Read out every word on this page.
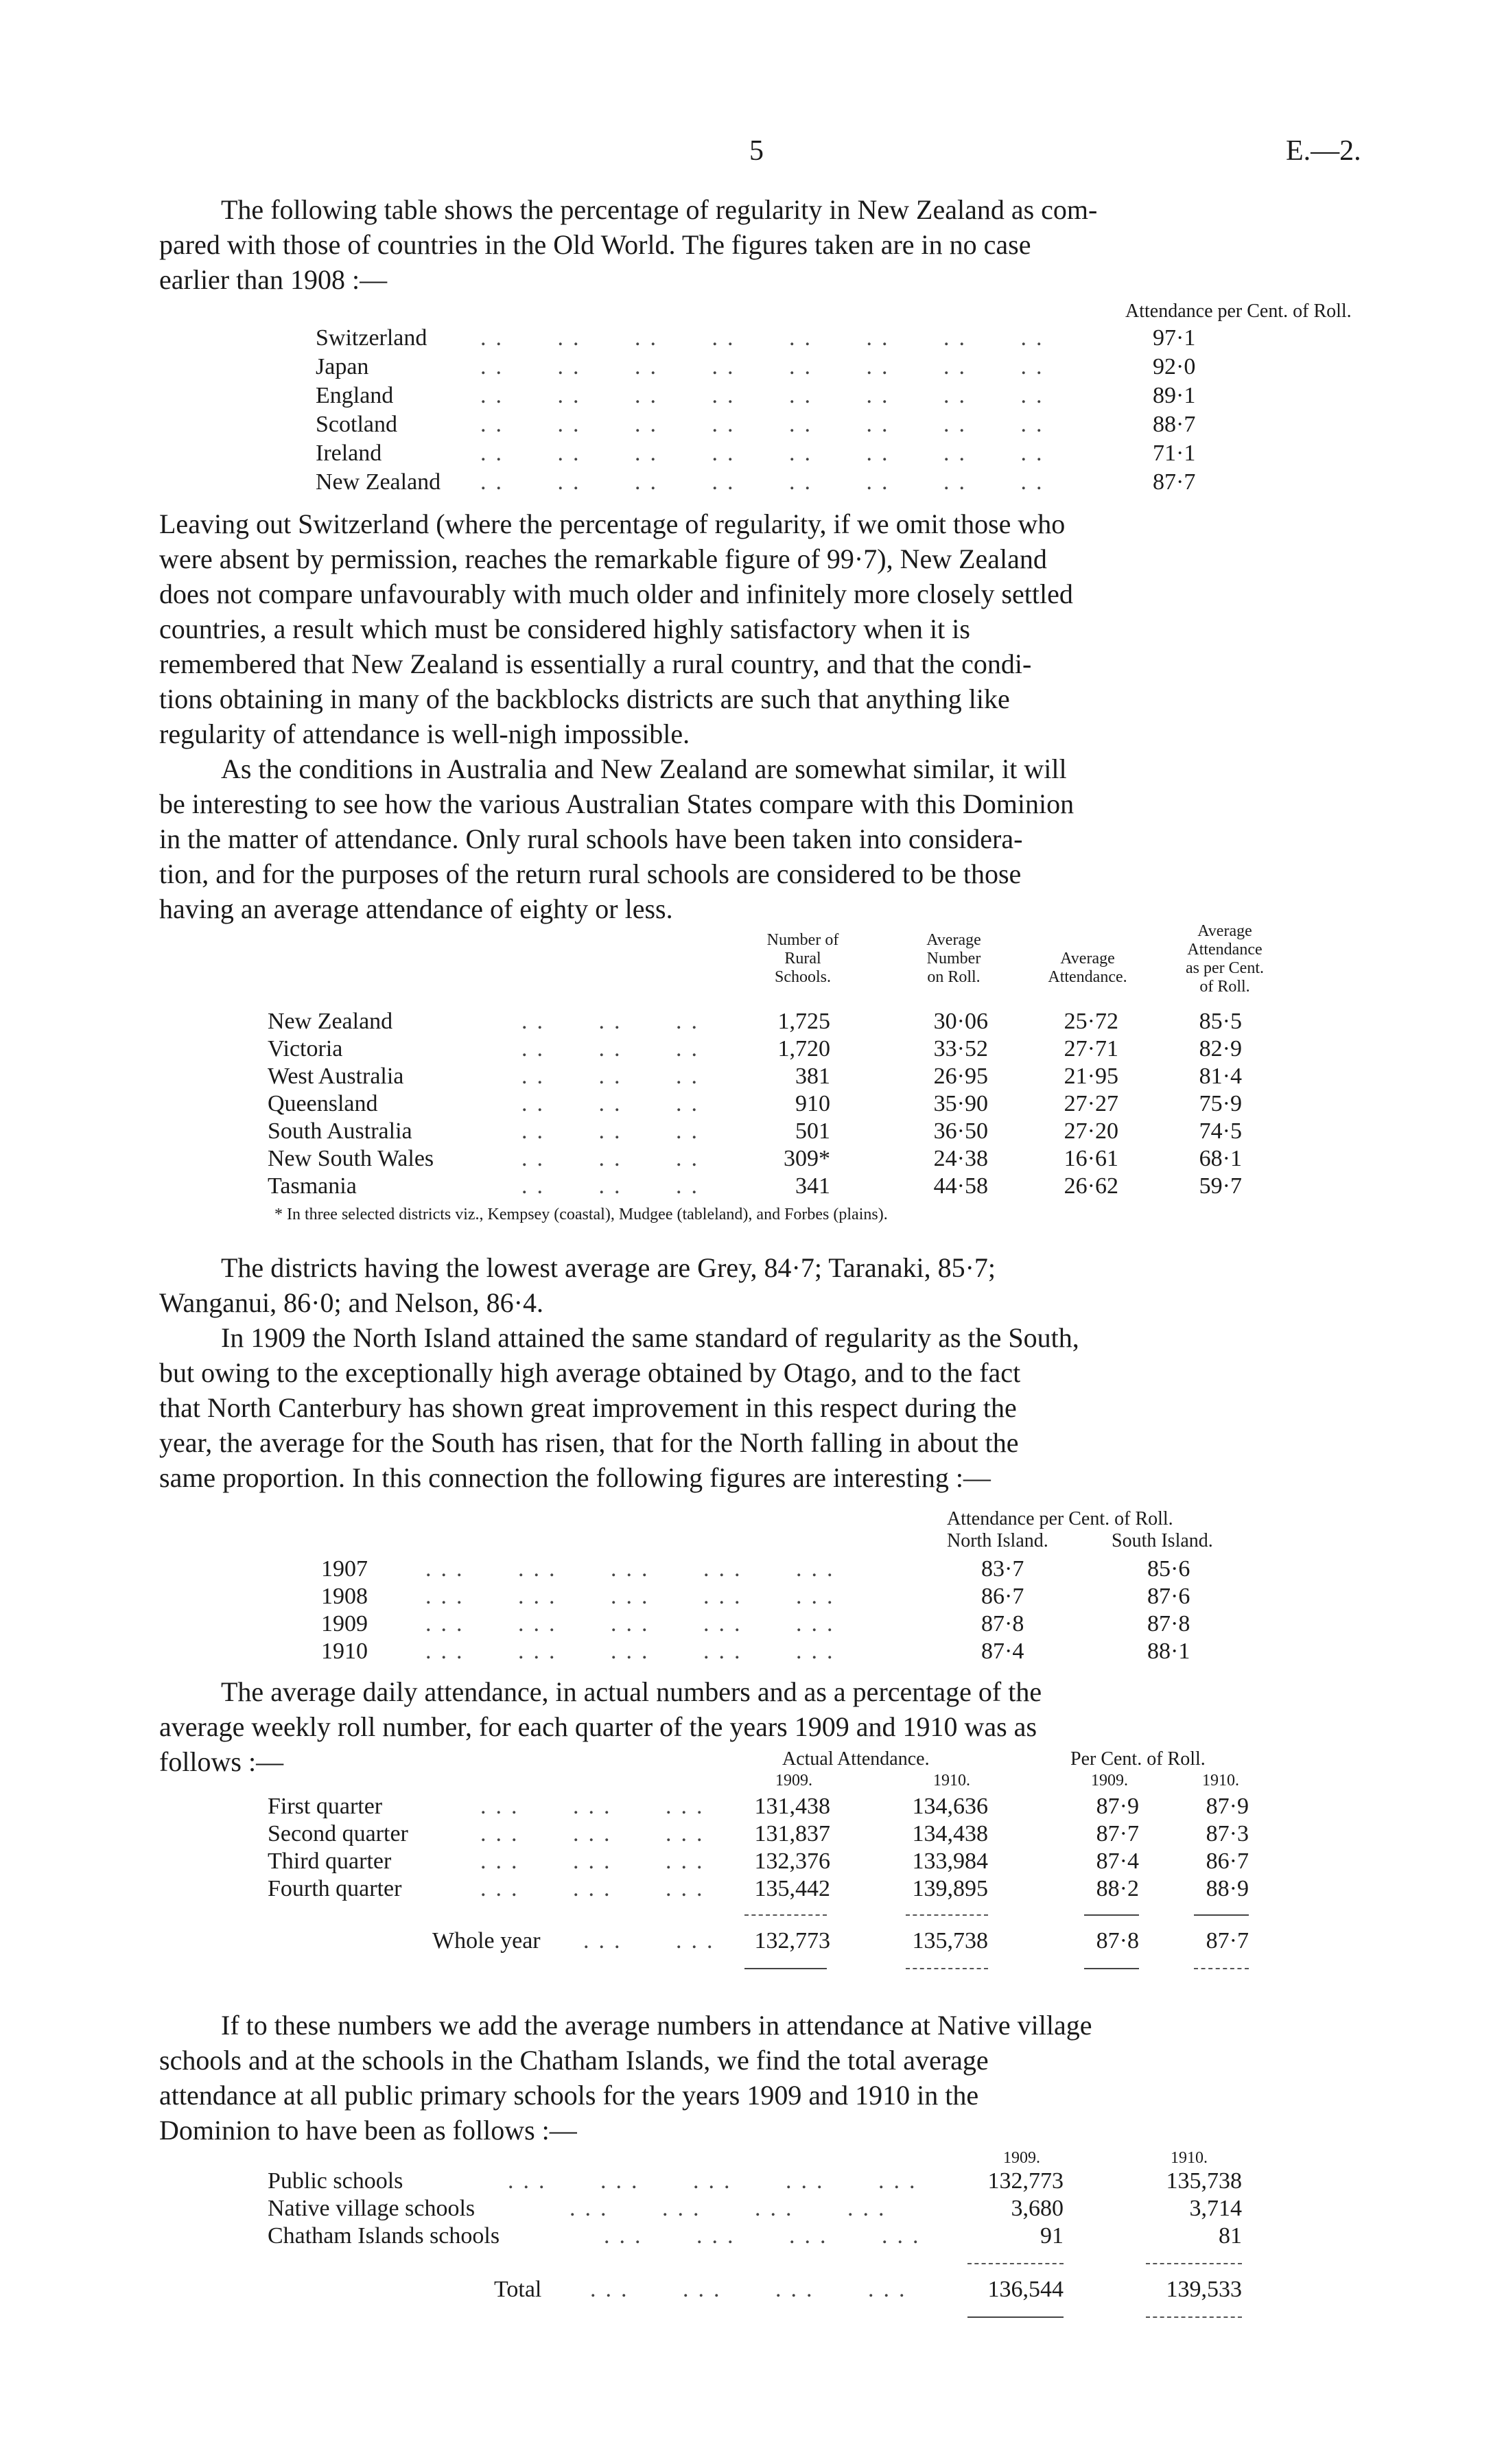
5	E.—2.
The following table shows the percentage of regularity in New Zealand as com-
pared with those of countries in the Old World. The figures taken are in no case
earlier than 1908 :—
Attendance per Cent. of Roll.
Switzerland ..   ..   ..   ..   ..   ..   ..   ..	97·1
Japan	..   ..   ..   ..   ..   ..   ..   ..	92·0
England	..   ..   ..   ..   ..   ..   ..   ..	89·1
Scotland	..   ..   ..   ..   ..   ..   ..   ..	88·7
Ireland	..   ..   ..   ..   ..   ..   ..   ..	71·1
New Zealand ..   ..   ..   ..   ..   ..   ..   ..	87·7
Leaving out Switzerland (where the percentage of regularity, if we omit those who
were absent by permission, reaches the remarkable figure of 99·7), New Zealand
does not compare unfavourably with much older and infinitely more closely settled
countries, a result which must be considered highly satisfactory when it is
remembered that New Zealand is essentially a rural country, and that the condi-
tions obtaining in many of the backblocks districts are such that anything like
regularity of attendance is well-nigh impossible.
As the conditions in Australia and New Zealand are somewhat similar, it will
be interesting to see how the various Australian States compare with this Dominion
in the matter of attendance. Only rural schools have been taken into considera-
tion, and for the purposes of the return rural schools are considered to be those
having an average attendance of eighty or less.
Number of
Rural
Schools.
Average
Number
on Roll.
Average
Attendance.
Average
Attendance
as per Cent.
of Roll.
New Zealand	..   ..   ..	1,725	30·06	25·72	85·5
Victoria	..   ..   ..	1,720	33·52	27·71	82·9
West Australia	..   ..   ..	381	26·95	21·95	81·4
Queensland	..   ..   ..	910	35·90	27·27	75·9
South Australia	..   ..   ..	501	36·50	27·20	74·5
New South Wales	..   ..   ..	309*	24·38	16·61	68·1
Tasmania	..   ..   ..	341	44·58	26·62	59·7
* In three selected districts viz., Kempsey (coastal), Mudgee (tableland), and Forbes (plains).
The districts having the lowest average are Grey, 84·7; Taranaki, 85·7;
Wanganui, 86·0; and Nelson, 86·4.
In 1909 the North Island attained the same standard of regularity as the South,
but owing to the exceptionally high average obtained by Otago, and to the fact
that North Canterbury has shown great improvement in this respect during the
year, the average for the South has risen, that for the North falling in about the
same proportion. In this connection the following figures are interesting :—
Attendance per Cent. of Roll.
North Island.	South Island.
1907 ...   ...   ...   ...   ...	83·7	85·6
1908 ...   ...   ...   ...   ...	86·7	87·6
1909 ...   ...   ...   ...   ...	87·8	87·8
1910 ...   ...   ...   ...   ...	87·4	88·1
The average daily attendance, in actual numbers and as a percentage of the
average weekly roll number, for each quarter of the years 1909 and 1910 was as
follows :—	Actual Attendance.	Per Cent. of Roll.
1909.	1910.	1909.	1910.
First quarter	...   ...   ...	131,438	134,636	87·9	87·9
Second quarter	...   ...   ...	131,837	134,438	87·7	87·3
Third quarter	...   ...   ...	132,376	133,984	87·4	86·7
Fourth quarter	...   ...   ...	135,442	139,895	88·2	88·9
Whole year ...   ...	132,773	135,738	87·8	87·7
If to these numbers we add the average numbers in attendance at Native village
schools and at the schools in the Chatham Islands, we find the total average
attendance at all public primary schools for the years 1909 and 1910 in the
Dominion to have been as follows :—
1909.	1910.
Public schools	...   ...   ...   ...   ...	132,773	135,738
Native village schools	...   ...   ...   ...	3,680	3,714
Chatham Islands schools	...   ...   ...   ...	91	81
Total ...   ...   ...   ...	136,544	139,533
